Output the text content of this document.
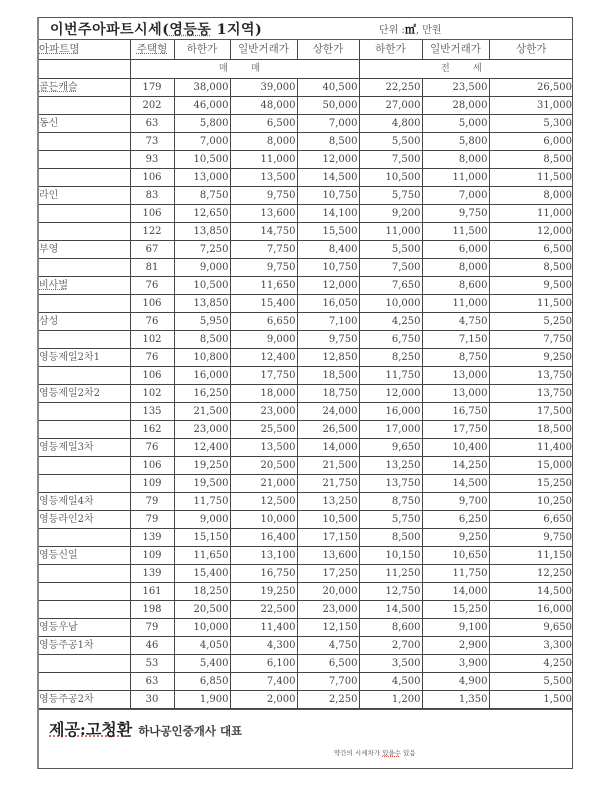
이번주아파트시세(영등동 1지역)	단위 :㎡, 만원
아파트명	주택형	하한가	일반거래가	상한가	하한가	일반거래가	상한가
	매 매				전 세		
골든캐슬	179	38,000	39,000	40,500	22,250	23,500	26,500
	202	46,000	48,000	50,000	27,000	28,000	31,000
동신	63	5,800	6,500	7,000	4,800	5,000	5,300
	73	7,000	8,000	8,500	5,500	5,800	6,000
	93	10,500	11,000	12,000	7,500	8,000	8,500
	106	13,000	13,500	14,500	10,500	11,000	11,500
라인	83	8,750	9,750	10,750	5,750	7,000	8,000
	106	12,650	13,600	14,100	9,200	9,750	11,000
	122	13,850	14,750	15,500	11,000	11,500	12,000
부영	67	7,250	7,750	8,400	5,500	6,000	6,500
	81	9,000	9,750	10,750	7,500	8,000	8,500
비사벌	76	10,500	11,650	12,000	7,650	8,600	9,500
	106	13,850	15,400	16,050	10,000	11,000	11,500
삼성	76	5,950	6,650	7,100	4,250	4,750	5,250
	102	8,500	9,000	9,750	6,750	7,150	7,750
영등제일2차1	76	10,800	12,400	12,850	8,250	8,750	9,250
	106	16,000	17,750	18,500	11,750	13,000	13,750
영등제일2차2	102	16,250	18,000	18,750	12,000	13,000	13,750
	135	21,500	23,000	24,000	16,000	16,750	17,500
	162	23,000	25,500	26,500	17,000	17,750	18,500
영등제일3차	76	12,400	13,500	14,000	9,650	10,400	11,400
	106	19,250	20,500	21,500	13,250	14,250	15,000
	109	19,500	21,000	21,750	13,750	14,500	15,250
영등제일4차	79	11,750	12,500	13,250	8,750	9,700	10,250
영등라인2차	79	9,000	10,000	10,500	5,750	6,250	6,650
	139	15,150	16,400	17,150	8,500	9,250	9,750
영등신일	109	11,650	13,100	13,600	10,150	10,650	11,150
	139	15,400	16,750	17,250	11,250	11,750	12,250
	161	18,250	19,250	20,000	12,750	14,000	14,500
	198	20,500	22,500	23,000	14,500	15,250	16,000
영등우남	79	10,000	11,400	12,150	8,600	9,100	9,650
영등주공1차	46	4,050	4,300	4,750	2,700	2,900	3,300
	53	5,400	6,100	6,500	3,500	3,900	4,250
	63	6,850	7,400	7,700	4,500	4,900	5,500
영등주공2차	30	1,900	2,000	2,250	1,200	1,350	1,500
제공:고청환 하나공인중개사 대표
약간의 시세차가 있을수 있음
